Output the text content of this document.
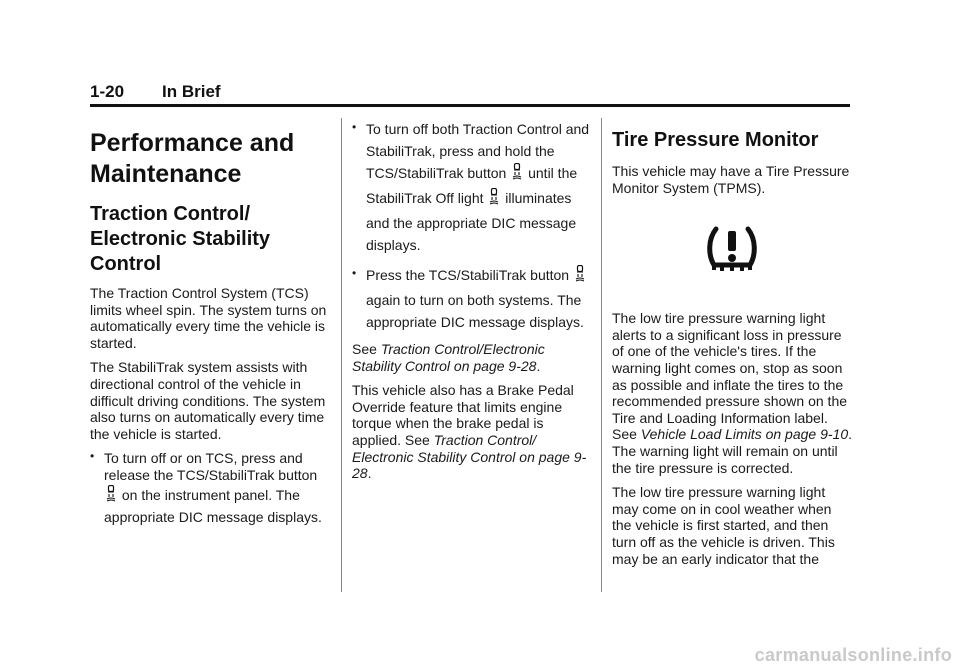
1-20 In Brief
Performance and Maintenance
Traction Control/ Electronic Stability Control

The Traction Control System (TCS) limits wheel spin. The system turns on automatically every time the vehicle is started.

The StabiliTrak system assists with directional control of the vehicle in difficult driving conditions. The system also turns on automatically every time the vehicle is started.

• To turn off or on TCS, press and release the TCS/StabiliTrak button  on the instrument panel. The appropriate DIC message displays.
• To turn off both Traction Control and StabiliTrak, press and hold the TCS/StabiliTrak button until the StabiliTrak Off light illuminates and the appropriate DIC message displays.
• Press the TCS/StabiliTrak button  again to turn on both systems. The appropriate DIC message displays.

See Traction Control/Electronic Stability Control on page 9-28.

This vehicle also has a Brake Pedal Override feature that limits engine torque when the brake pedal is applied. See Traction Control/ Electronic Stability Control on page 9-28.

Tire Pressure Monitor

This vehicle may have a Tire Pressure Monitor System (TPMS).

The low tire pressure warning light alerts to a significant loss in pressure of one of the vehicle's tires. If the warning light comes on, stop as soon as possible and inflate the tires to the recommended pressure shown on the Tire and Loading Information label. See Vehicle Load Limits on page 9-10. The warning light will remain on until the tire pressure is corrected.

The low tire pressure warning light may come on in cool weather when the vehicle is first started, and then turn off as the vehicle is driven. This may be an early indicator that the

carmanualsonline.info
